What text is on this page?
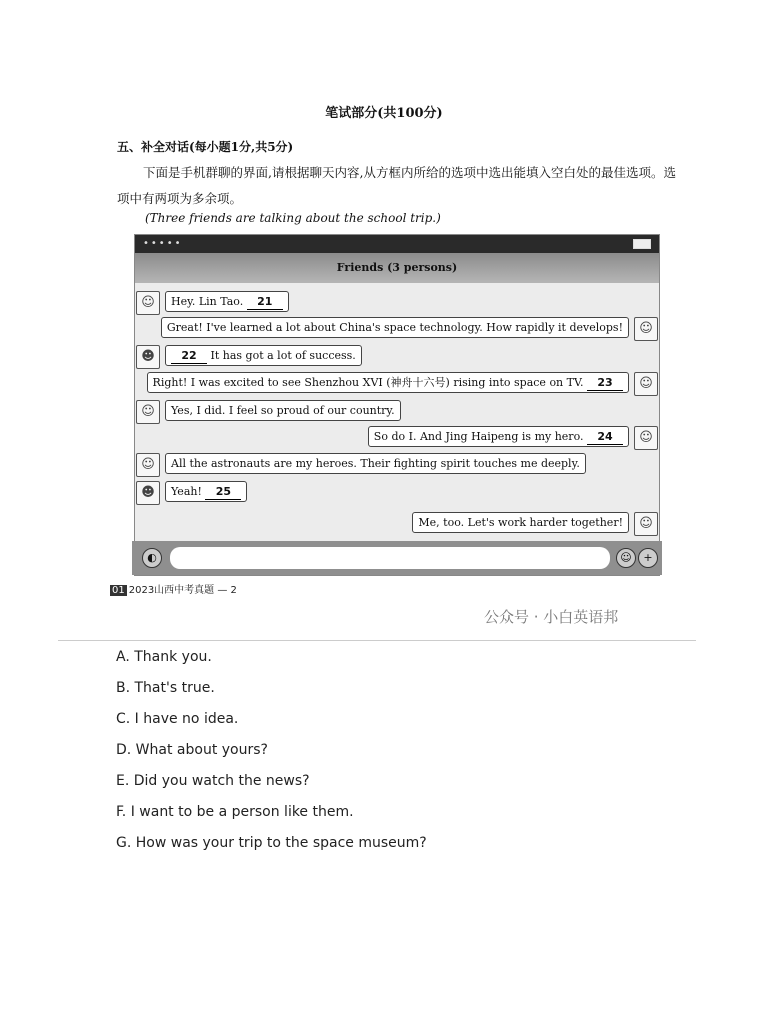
笔试部分(共100分)
五、补全对话(每小题1分,共5分)
下面是手机群聊的界面,请根据聊天内容,从方框内所给的选项中选出能填入空白处的最佳选项。选项中有两项为多余项。
(Three friends are talking about the school trip.)
•••••
Friends (3 persons)
☺	Hey. Lin Tao. 21
Great! I've learned a lot about China's space technology. How rapidly it develops!	☺
☻	22 It has got a lot of success.
Right! I was excited to see Shenzhou XVI (神舟十六号) rising into space on TV. 23	☺
☺	Yes, I did. I feel so proud of our country.
So do I. And Jing Haipeng is my hero. 24	☺
☺	All the astronauts are my heroes. Their fighting spirit touches me deeply.
☻	Yeah! 25
Me, too. Let's work harder together!	☺
◐	☺	+
01 2023山西中考真题 — 2
公众号 · 小白英语邦
A. Thank you.
B. That's true.
C. I have no idea.
D. What about yours?
E. Did you watch the news?
F. I want to be a person like them.
G. How was your trip to the space museum?
